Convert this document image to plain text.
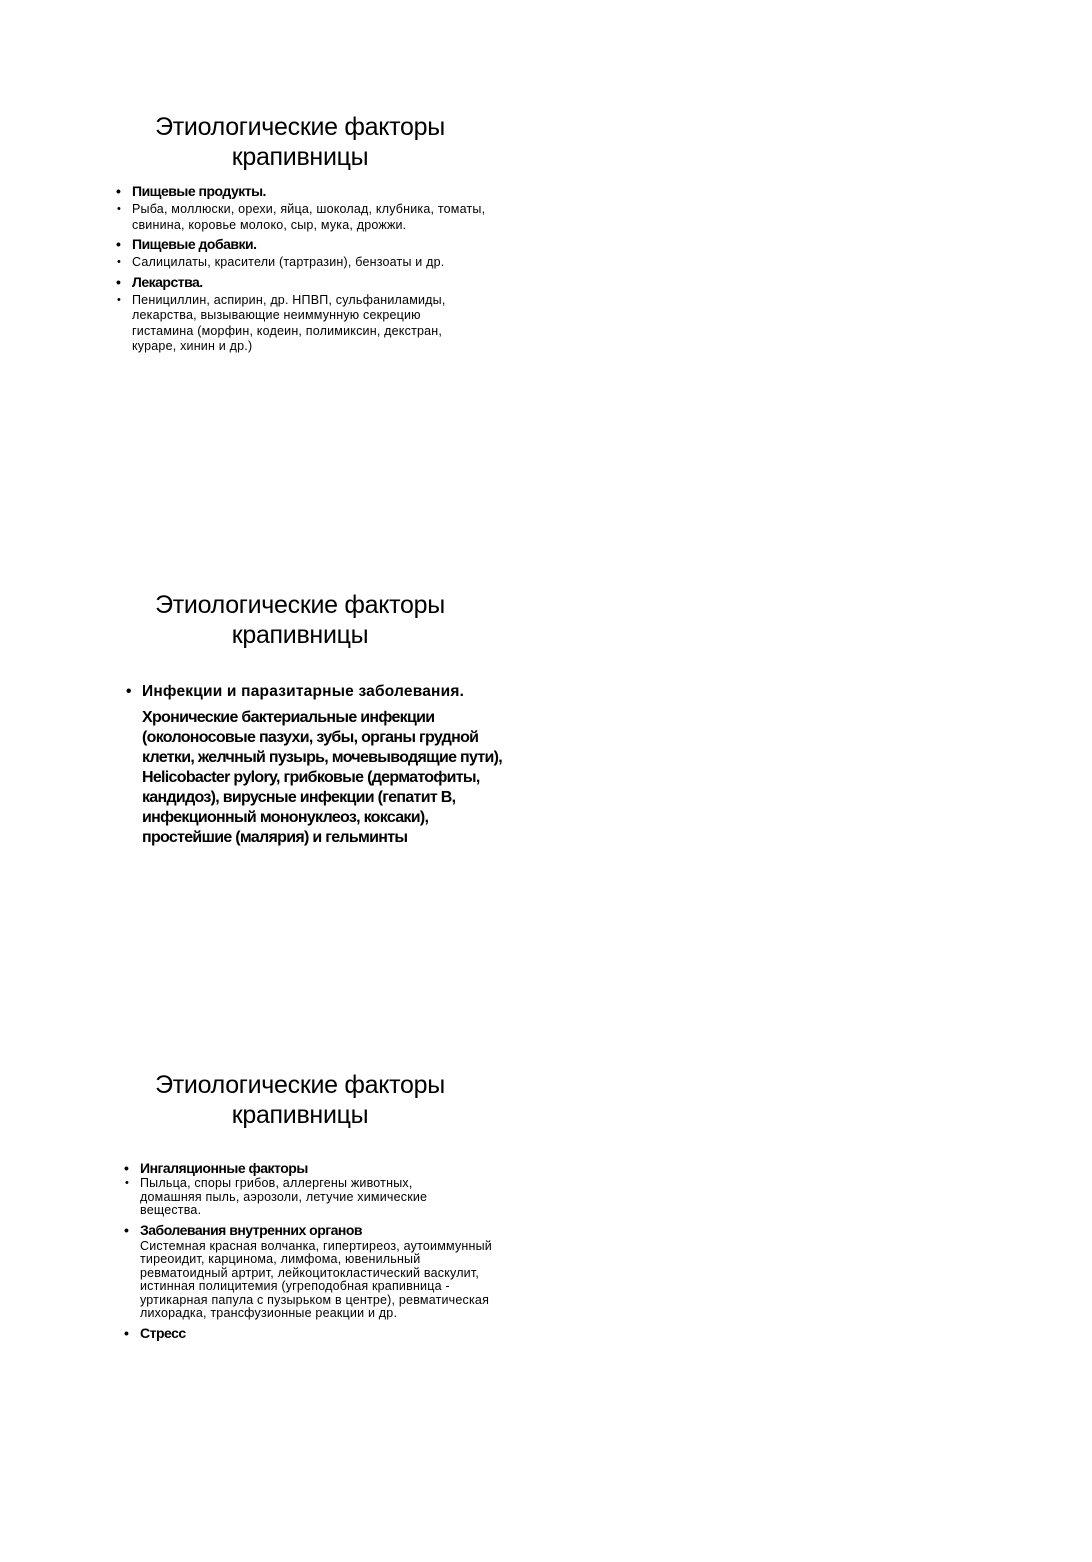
Этиологические факторы крапивницы
• Пищевые продукты.
• Рыба, моллюски, орехи, яйца, шоколад, клубника, томаты, свинина, коровье молоко, сыр, мука, дрожжи.
• Пищевые добавки.
• Салицилаты, красители (тартразин), бензоаты и др.
• Лекарства.
• Пенициллин, аспирин, др. НПВП, сульфаниламиды, лекарства, вызывающие неиммунную секрецию гистамина (морфин, кодеин, полимиксин, декстран, кураре, хинин и др.)
Этиологические факторы крапивницы
• Инфекции и паразитарные заболевания.
Хронические бактериальные инфекции (околоносовые пазухи, зубы, органы грудной клетки, желчный пузырь, мочевыводящие пути), Helicobacter pylory, грибковые (дерматофиты, кандидоз), вирусные инфекции (гепатит В, инфекционный мононуклеоз, коксаки), простейшие (малярия) и гельминты
Этиологические факторы крапивницы
• Ингаляционные факторы
• Пыльца, споры грибов, аллергены животных, домашняя пыль, аэрозоли, летучие химические вещества.
• Заболевания внутренних органов
Системная красная волчанка, гипертиреоз, аутоиммунный тиреоидит, карцинома, лимфома, ювенильный ревматоидный артрит, лейкоцитокластический васкулит, истинная полицитемия (угреподобная крапивница - уртикарная папула с пузырьком в центре), ревматическая лихорадка, трансфузионные реакции и др.
• Стресс
